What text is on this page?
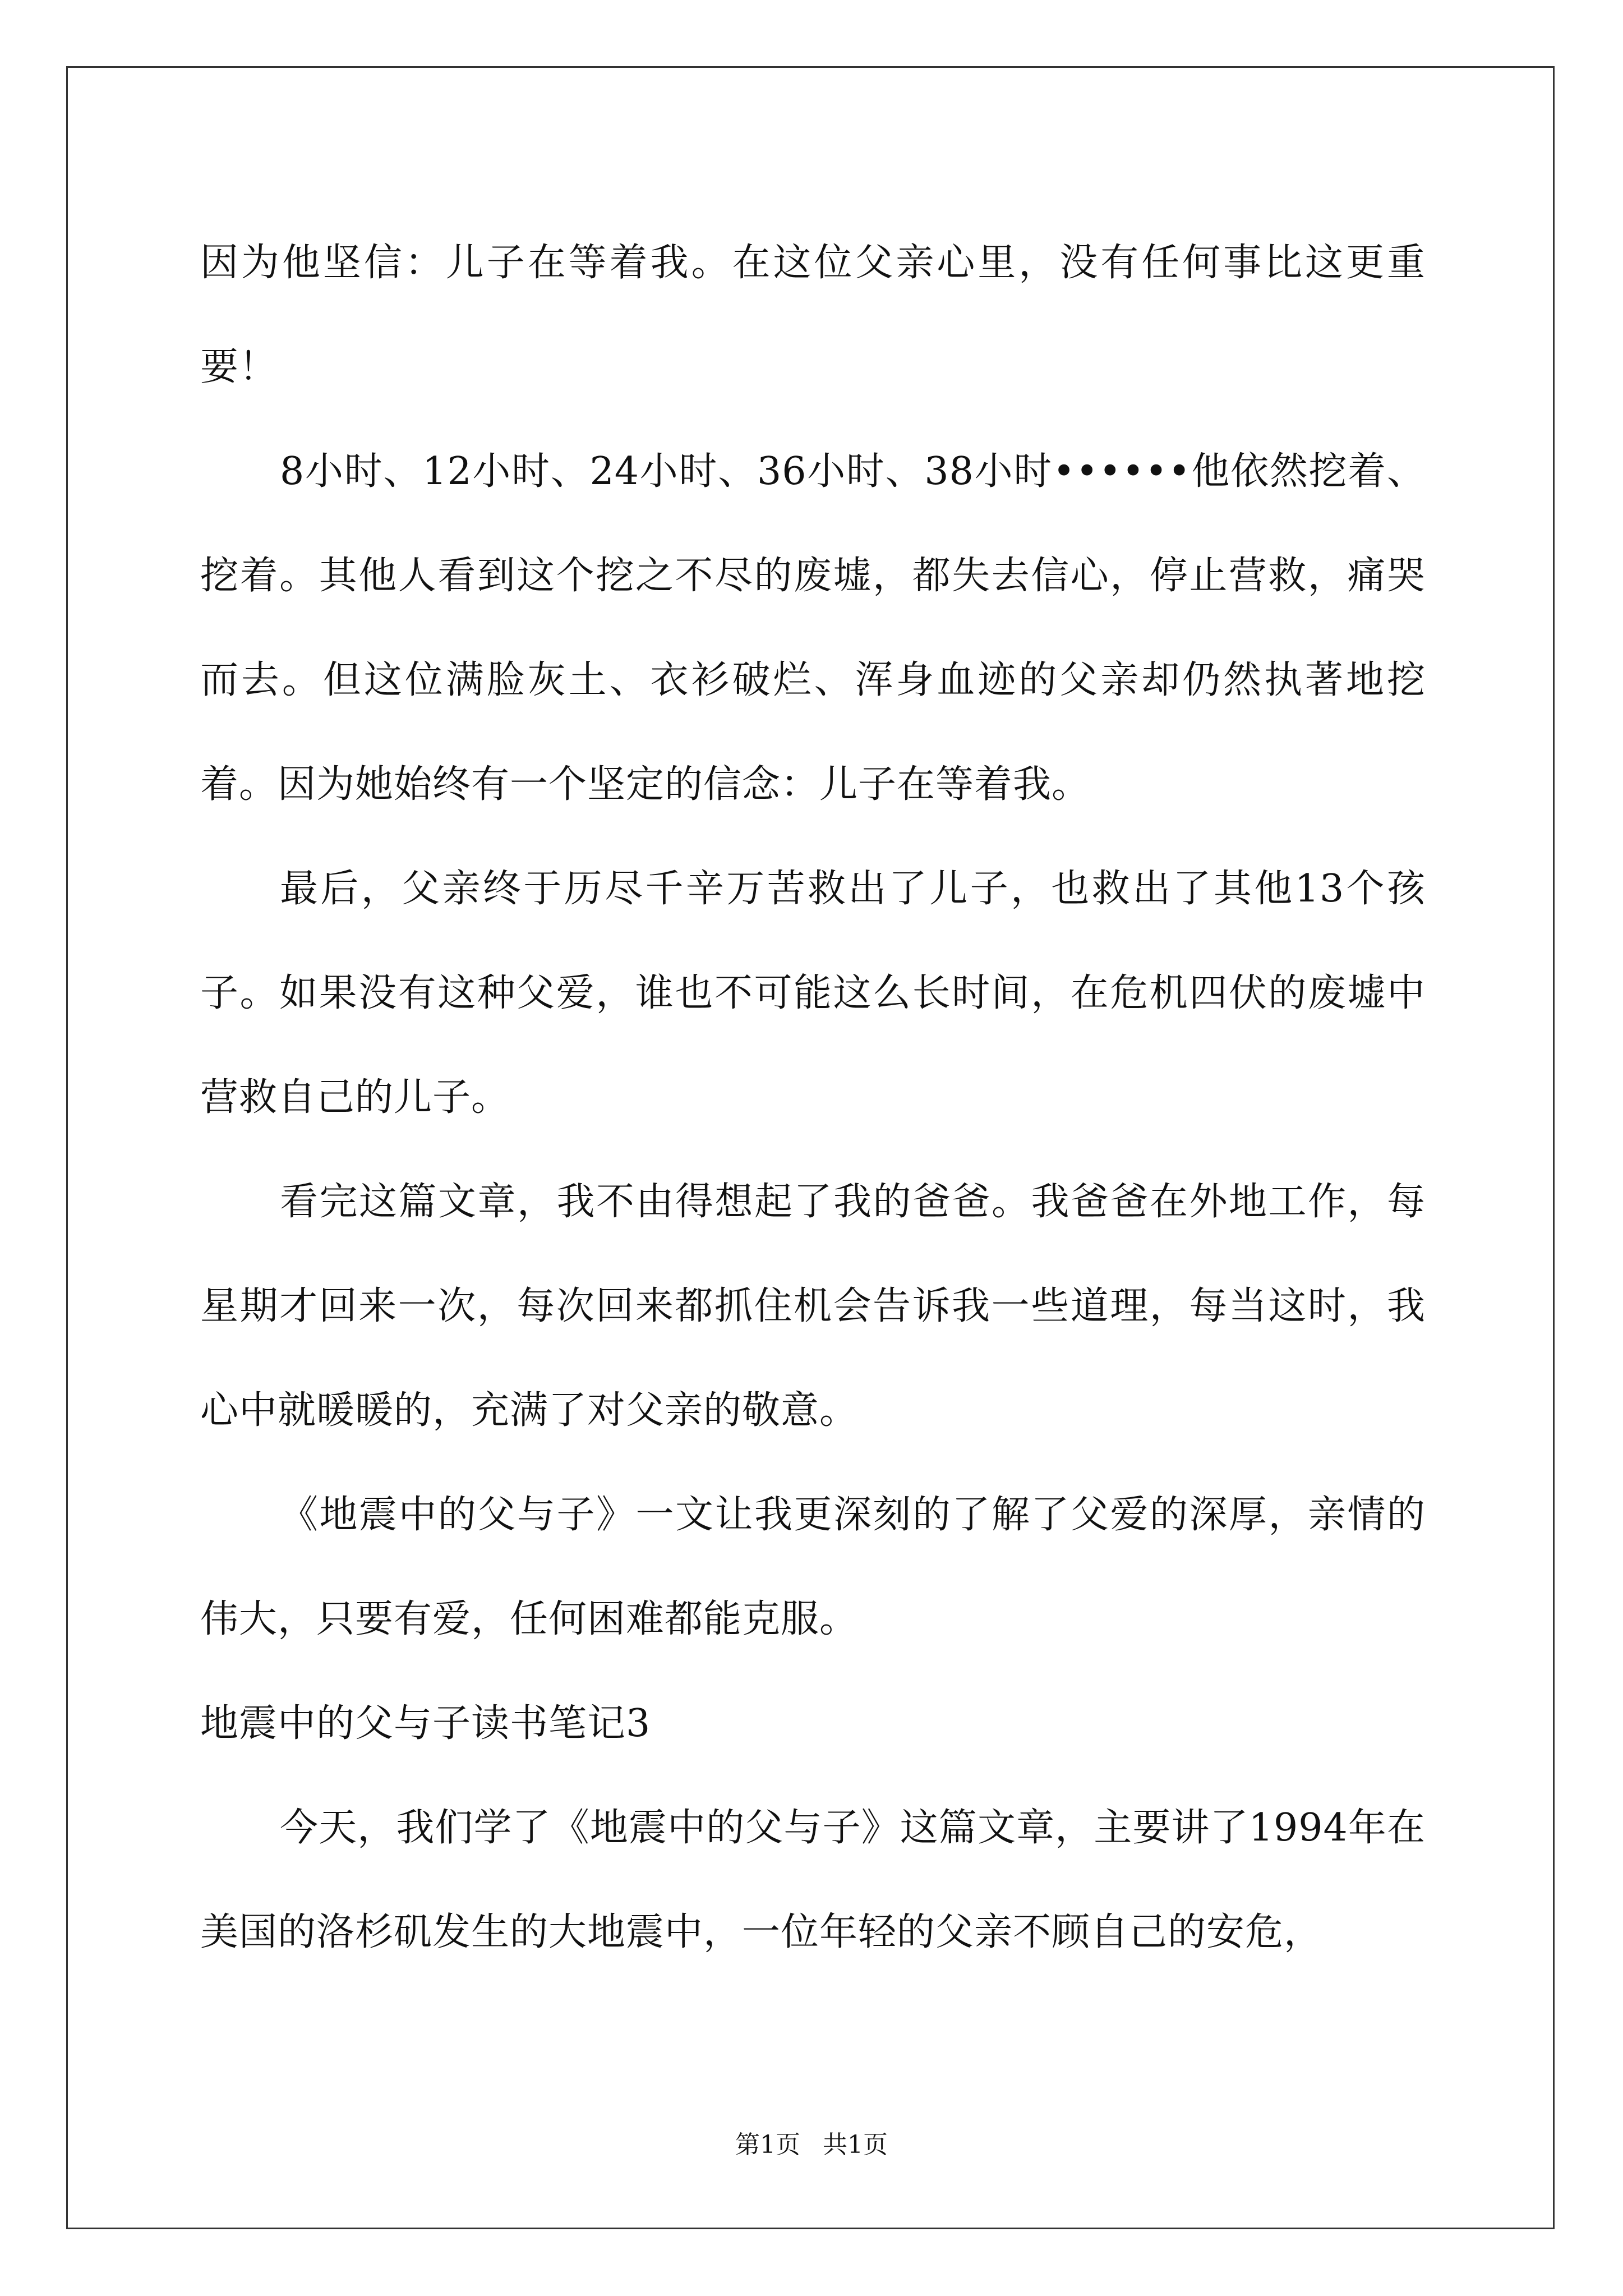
因为他坚信：儿子在等着我。在这位父亲心里，没有任何事比这更重要！

8小时、12小时、24小时、36小时、38小时••••••他依然挖着、挖着。其他人看到这个挖之不尽的废墟，都失去信心，停止营救，痛哭而去。但这位满脸灰土、衣衫破烂、浑身血迹的父亲却仍然执著地挖着。因为她始终有一个坚定的信念：儿子在等着我。

最后，父亲终于历尽千辛万苦救出了儿子，也救出了其他13个孩子。如果没有这种父爱，谁也不可能这么长时间，在危机四伏的废墟中营救自己的儿子。

看完这篇文章，我不由得想起了我的爸爸。我爸爸在外地工作，每星期才回来一次，每次回来都抓住机会告诉我一些道理，每当这时，我心中就暖暖的，充满了对父亲的敬意。

《地震中的父与子》一文让我更深刻的了解了父爱的深厚，亲情的伟大，只要有爱，任何困难都能克服。

地震中的父与子读书笔记3

今天，我们学了《地震中的父与子》这篇文章，主要讲了1994年在美国的洛杉矶发生的大地震中，一位年轻的父亲不顾自己的安危，

第1页 共1页
